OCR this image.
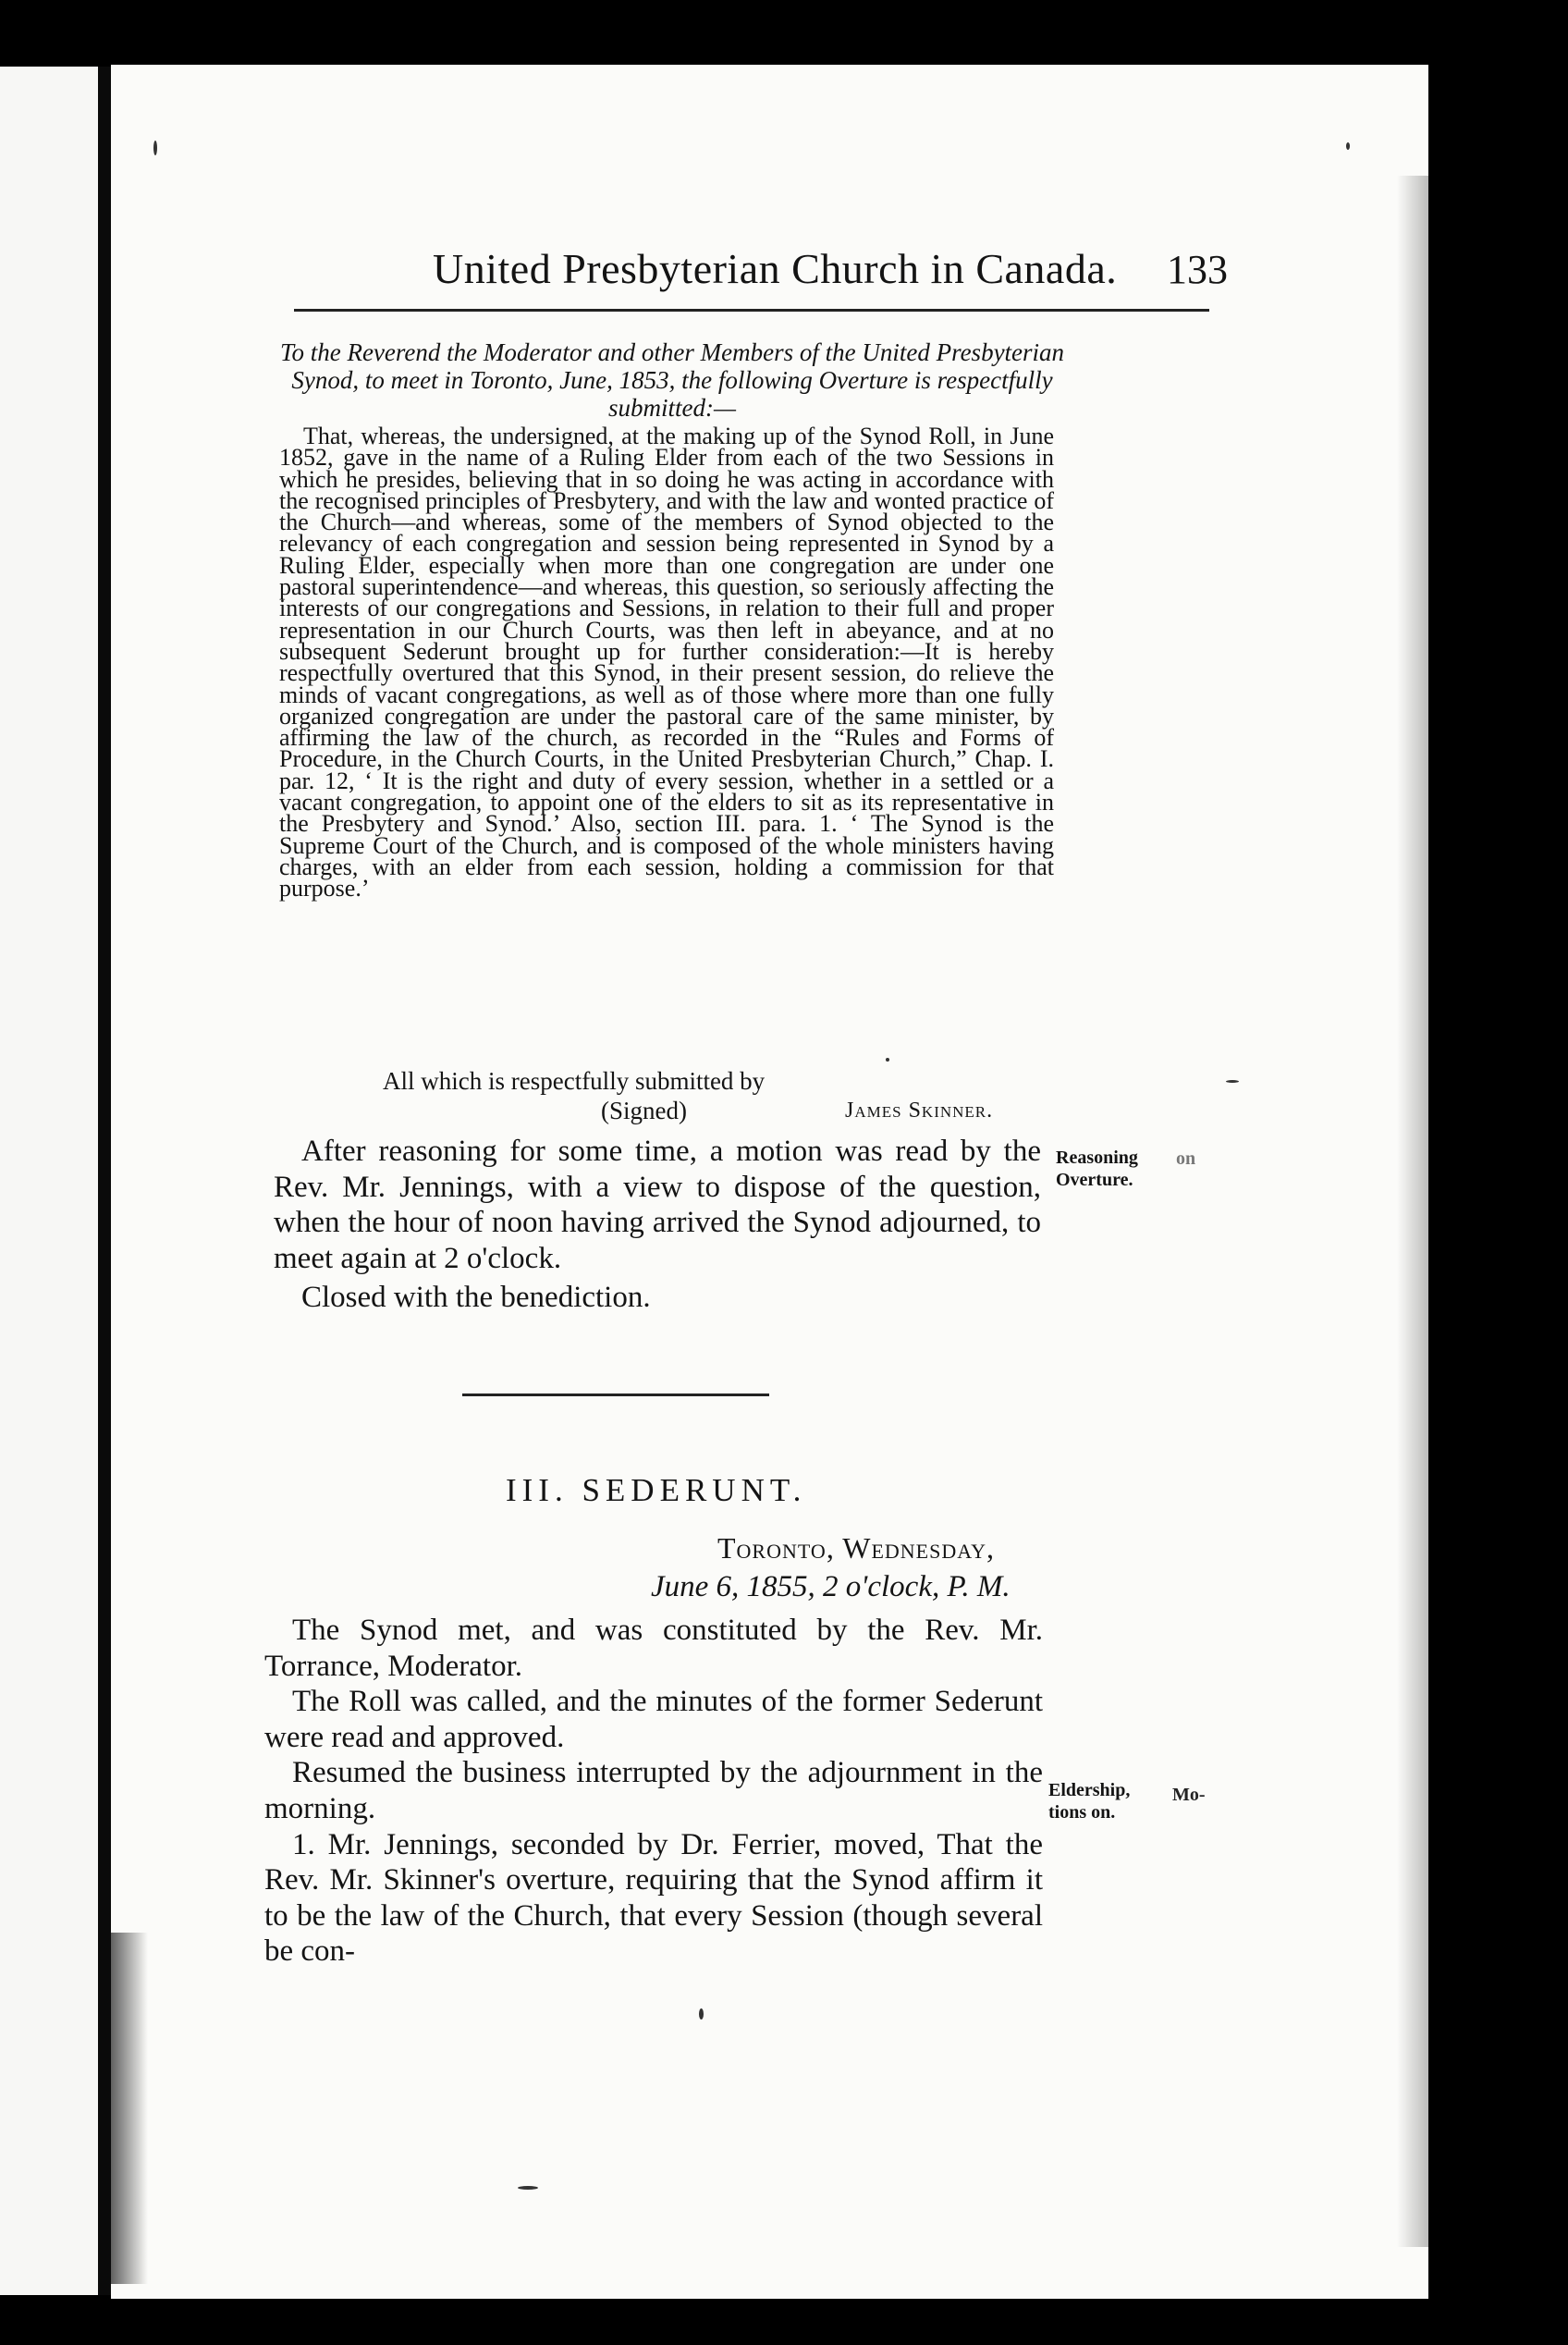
United Presbyterian Church in Canada. 133
To the Reverend the Moderator and other Members of the United Presbyterian Synod, to meet in Toronto, June, 1853, the following Overture is respectfully submitted:—

That, whereas, the undersigned, at the making up of the Synod Roll, in June 1852, gave in the name of a Ruling Elder from each of the two Sessions in which he presides, believing that in so doing he was acting in accordance with the recognised principles of Presbytery, and with the law and wonted practice of the Church—and whereas, some of the members of Synod objected to the relevancy of each congregation and session being represented in Synod by a Ruling Elder, especially when more than one congregation are under one pastoral superintendence—and whereas, this question, so seriously affecting the interests of our congregations and Sessions, in relation to their full and proper representation in our Church Courts, was then left in abeyance, and at no subsequent Sederunt brought up for further consideration:—It is hereby respectfully overtured that this Synod, in their present session, do relieve the minds of vacant congregations, as well as of those where more than one fully organized congregation are under the pastoral care of the same minister, by affirming the law of the church, as recorded in the “Rules and Forms of Procedure, in the Church Courts, in the United Presbyterian Church,” Chap. I. par. 12, ‘ It is the right and duty of every session, whether in a settled or a vacant congregation, to appoint one of the elders to sit as its representative in the Presbytery and Synod.’ Also, section III. para. 1. ‘ The Synod is the Supreme Court of the Church, and is composed of the whole ministers having charges, with an elder from each session, holding a commission for that purpose.’

All which is respectfully submitted by
(Signed)	James Skinner.

After reasoning for some time, a motion was read by the Rev. Mr. Jennings, with a view to dispose of the question, when the hour of noon having arrived the Synod adjourned, to meet again at 2 o'clock.

Closed with the benediction.

Reasoning
Overture.
on
III. SEDERUNT.
Toronto, Wednesday,
June 6, 1855, 2 o'clock, P. M.

The Synod met, and was constituted by the Rev. Mr. Torrance, Moderator.

The Roll was called, and the minutes of the former Sederunt were read and approved.

Resumed the business interrupted by the adjournment in the morning.

1. Mr. Jennings, seconded by Dr. Ferrier, moved, That the Rev. Mr. Skinner's overture, requiring that the Synod affirm it to be the law of the Church, that every Session (though several be con-

Eldership,
tions on.
Mo-
